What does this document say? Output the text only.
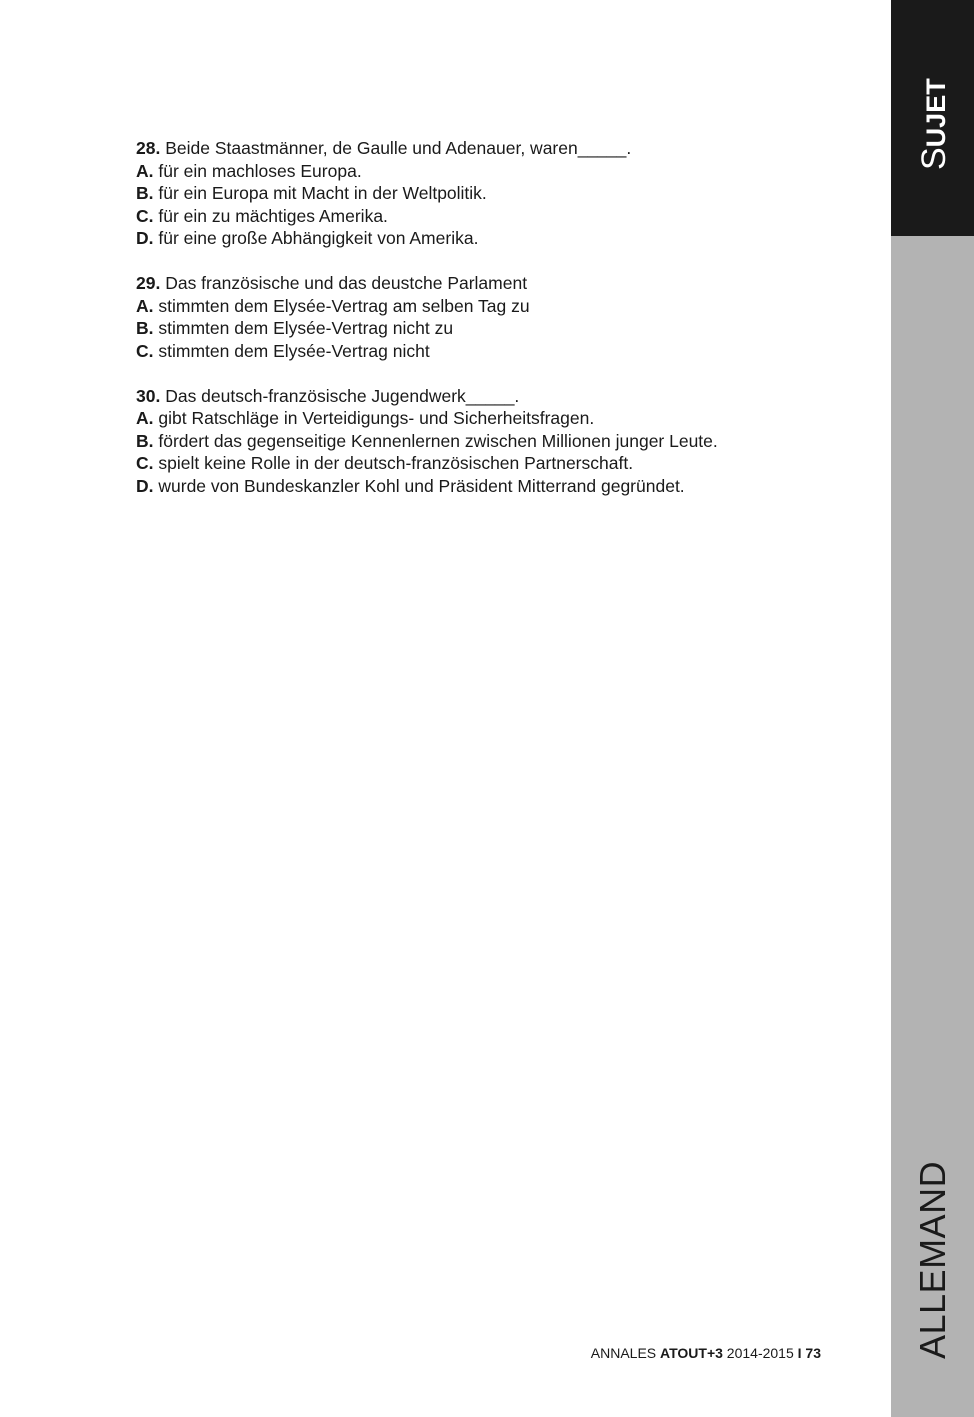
SUJET
ALLEMAND
28. Beide Staastmänner, de Gaulle und Adenauer, waren_____.
A. für ein machloses Europa.
B. für ein Europa mit Macht in der Weltpolitik.
C. für ein zu mächtiges Amerika.
D. für eine große Abhängigkeit von Amerika.
29. Das französische und das deustche Parlament
A. stimmten dem Elysée-Vertrag am selben Tag zu
B. stimmten dem Elysée-Vertrag nicht zu
C. stimmten dem Elysée-Vertrag nicht
30. Das deutsch-französische Jugendwerk_____.
A. gibt Ratschläge in Verteidigungs- und Sicherheitsfragen.
B. fördert das gegenseitige Kennenlernen zwischen Millionen junger Leute.
C. spielt keine Rolle in der deutsch-französischen Partnerschaft.
D. wurde von Bundeskanzler Kohl und Präsident Mitterrand gegründet.
ANNALES ATOUT+3 2014-2015 I 73
